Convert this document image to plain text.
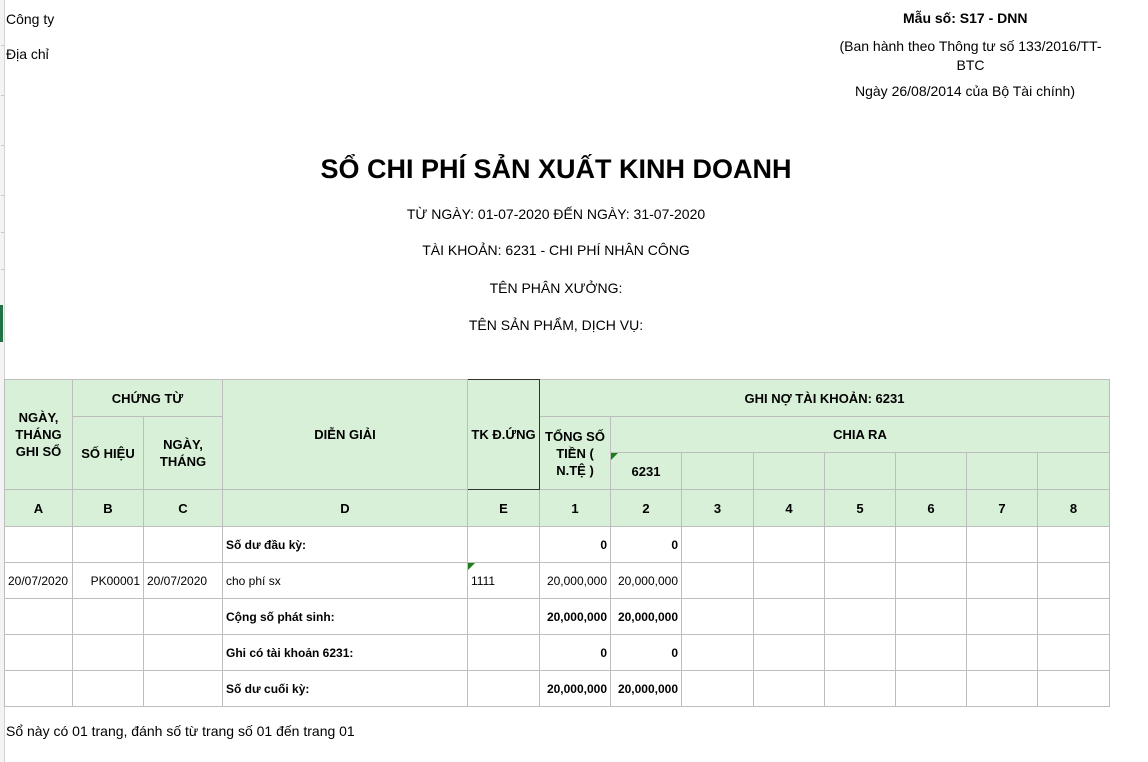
Công ty
Địa chỉ
Mẫu số: S17 - DNN
(Ban hành theo Thông tư số 133/2016/TT-BTC
Ngày 26/08/2014 của Bộ Tài chính)
SỔ CHI PHÍ SẢN XUẤT KINH DOANH
TỪ NGÀY: 01-07-2020 ĐẾN NGÀY: 31-07-2020
TÀI KHOẢN: 6231 - CHI PHÍ NHÂN CÔNG
TÊN PHÂN XƯỞNG:
TÊN SẢN PHẨM, DỊCH VỤ:
NGÀY, THÁNG GHI SỔ	CHỨNG TỪ		DIỄN GIẢI	TK Đ.ỨNG	GHI NỢ TÀI KHOẢN: 6231							
	SỐ HIỆU	NGÀY, THÁNG			TỔNG SỐ TIỀN ( N.TỆ )	CHIA RA						
						6231						
A	B	C	D	E	1	2	3	4	5	6	7	8
			Số dư đầu kỳ:		0	0						
20/07/2020	PK00001	20/07/2020	cho phí sx	1111	20,000,000	20,000,000						
			Cộng số phát sinh:		20,000,000	20,000,000						
			Ghi có tài khoản 6231:		0	0						
			Số dư cuối kỳ:		20,000,000	20,000,000						
Sổ này có 01 trang, đánh số từ trang số 01 đến trang 01
